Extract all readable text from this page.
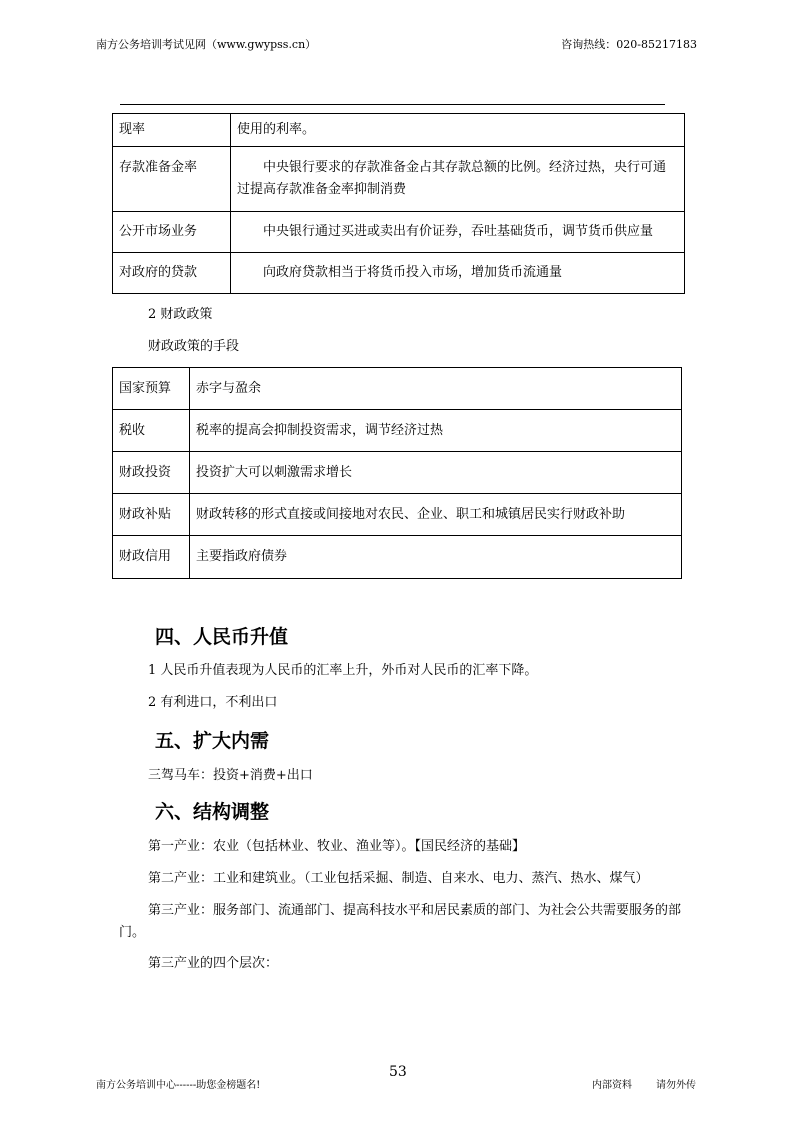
南方公务培训考试见网（www.gwypss.cn）	咨询热线：020-85217183
现率	使用的利率。
存款准备金率	中央银行要求的存款准备金占其存款总额的比例。经济过热，央行可通过提高存款准备金率抑制消费
公开市场业务	中央银行通过买进或卖出有价证券，吞吐基础货币，调节货币供应量
对政府的贷款	向政府贷款相当于将货币投入市场，增加货币流通量
2 财政政策
财政政策的手段
国家预算	赤字与盈余
税收	税率的提高会抑制投资需求，调节经济过热
财政投资	投资扩大可以刺激需求增长
财政补贴	财政转移的形式直接或间接地对农民、企业、职工和城镇居民实行财政补助
财政信用	主要指政府债券
四、人民币升值
1 人民币升值表现为人民币的汇率上升，外币对人民币的汇率下降。
2 有利进口，不利出口
五、扩大内需
三驾马车：投资+消费+出口
六、结构调整
第一产业：农业（包括林业、牧业、渔业等）。【国民经济的基础】
第二产业：工业和建筑业。（工业包括采掘、制造、自来水、电力、蒸汽、热水、煤气）
第三产业：服务部门、流通部门、提高科技水平和居民素质的部门、为社会公共需要服务的部门。
第三产业的四个层次：
南方公务培训中心------助您金榜题名!
53
内部资料 请勿外传
